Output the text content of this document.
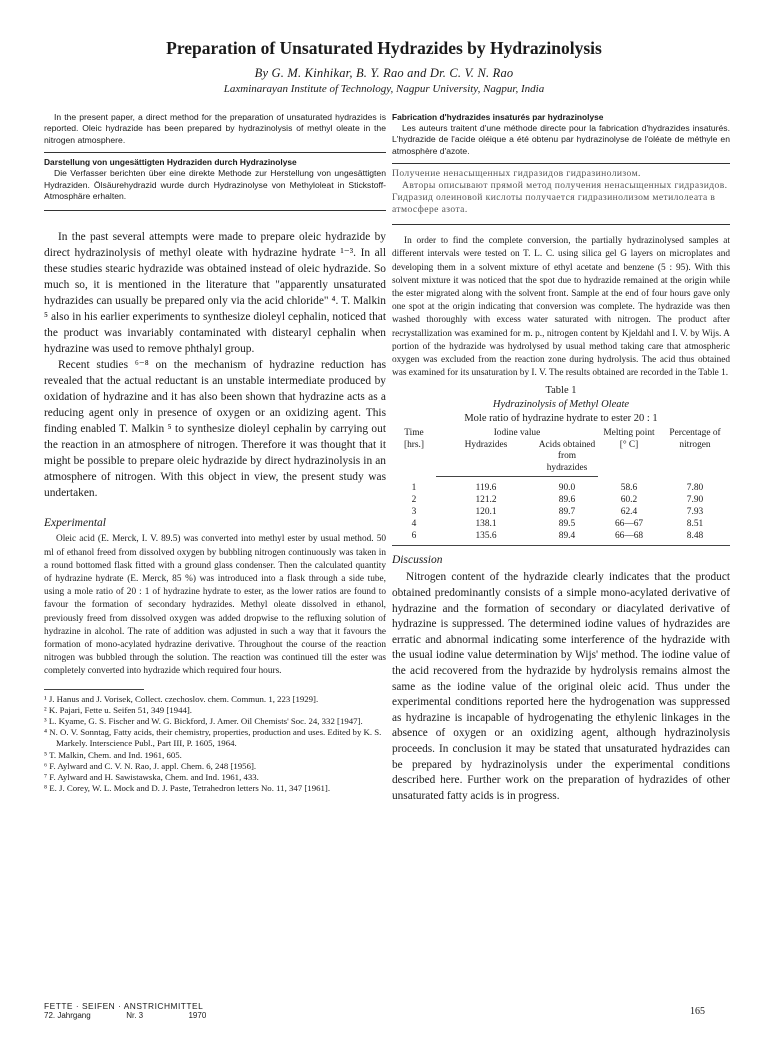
Preparation of Unsaturated Hydrazides by Hydrazinolysis
By G. M. Kinhikar, B. Y. Rao and Dr. C. V. N. Rao
Laxminarayan Institute of Technology, Nagpur University, Nagpur, India

In the present paper, a direct method for the preparation of unsaturated hydrazides is reported. Oleic hydrazide has been prepared by hydrazinolysis of methyl oleate in the nitrogen atmosphere.

Darstellung von ungesättigten Hydraziden durch Hydrazinolyse

Die Verfasser berichten über eine direkte Methode zur Herstellung von ungesättigten Hydraziden. Ölsäurehydrazid wurde durch Hydrazinolyse von Methyloleat in Stickstoff-Atmosphäre erhalten.

In the past several attempts were made to prepare oleic hydrazide by direct hydrazinolysis of methyl oleate with hydrazine hydrate ¹⁻³. In all these studies stearic hydrazide was obtained instead of oleic hydrazide. So much so, it is mentioned in the literature that "apparently unsaturated hydrazides can usually be prepared only via the acid chloride" ⁴. T. Malkin ⁵ also in his earlier experiments to synthesize dioleyl cephalin, noticed that the product was invariably contaminated with distearyl cephalin when hydrazine was used to remove phthalyl group.

Recent studies ⁶⁻⁸ on the mechanism of hydrazine reduction has revealed that the actual reductant is an unstable intermediate produced by oxidation of hydrazine and it has also been shown that hydrazine acts as a reducing agent only in presence of oxygen or an oxidizing agent. This finding enabled T. Malkin ⁵ to synthesize dioleyl cephalin by carrying out the reaction in an atmosphere of nitrogen. Therefore it was thought that it might be possible to prepare oleic hydrazide by direct hydrazinolysis in an atmosphere of nitrogen. With this object in view, the present study was undertaken.

Experimental

Oleic acid (E. Merck, I. V. 89.5) was converted into methyl ester by usual method. 50 ml of ethanol freed from dissolved oxygen by bubbling nitrogen continuously was taken in a round bottomed flask fitted with a ground glass condenser. Then the calculated quantity of hydrazine hydrate (E. Merck, 85 %) was introduced into a flask through a side tube, using a mole ratio of 20 : 1 of hydrazine hydrate to ester, as the lower ratios are found to favour the formation of secondary hydrazides. Methyl oleate dissolved in ethanol, previously freed from dissolved oxygen was added dropwise to the refluxing solution of hydrazine in alcohol. The rate of addition was adjusted in such a way that it favours the formation of mono-acylated hydrazine derivative. Throughout the course of the reaction nitrogen was bubbled through the solution. The reaction was continued till the ester was completely converted into hydrazide which required four hours.

¹ J. Hanus and J. Vorisek, Collect. czechoslov. chem. Commun. 1, 223 [1929].
² K. Pajari, Fette u. Seifen 51, 349 [1944].
³ L. Kyame, G. S. Fischer and W. G. Bickford, J. Amer. Oil Chemists' Soc. 24, 332 [1947].
⁴ N. O. V. Sonntag, Fatty acids, their chemistry, properties, production and uses. Edited by K. S. Markely. Interscience Publ., Part III, P. 1605, 1964.
⁵ T. Malkin, Chem. and Ind. 1961, 605.
⁶ F. Aylward and C. V. N. Rao, J. appl. Chem. 6, 248 [1956].
⁷ F. Aylward and H. Sawistawska, Chem. and Ind. 1961, 433.
⁸ E. J. Corey, W. L. Mock and D. J. Paste, Tetrahedron letters No. 11, 347 [1961].
Fabrication d'hydrazides insaturés par hydrazinolyse

Les auteurs traitent d'une méthode directe pour la fabrication d'hydrazides insaturés. L'hydrazide de l'acide oléique a été obtenu par hydrazinolyse de l'oléate de méthyle en atmosphère d'azote.

Получение ненасыщенных гидразидов гидразинолизом.
Авторы описывают прямой метод получения ненасыщенных гидразидов. Гидразид олеиновой кислоты получается гидразинолизом метилолеата в атмосфере азота.

In order to find the complete conversion, the partially hydrazinolysed samples at different intervals were tested on T. L. C. using silica gel G layers on microplates and developing them in a solvent mixture of ethyl acetate and benzene (5 : 95). With this solvent mixture it was noticed that the spot due to hydrazide remained at the origin while the ester migrated along with the solvent front. Sample at the end of four hours gave only one spot at the origin indicating that conversion was complete. The hydrazide was then washed thoroughly with excess water saturated with nitrogen. The product after recrystallization was examined for m. p., nitrogen content by Kjeldahl and I. V. by Wijs. A portion of the hydrazide was hydrolysed by usual method taking care that atmospheric oxygen was excluded from the reaction zone during hydrolysis. The acid thus obtained was examined for its unsaturation by I. V. The results obtained are recorded in the Table 1.

Table 1
Hydrazinolysis of Methyl Oleate
Mole ratio of hydrazine hydrate to ester 20 : 1
Time [hrs.]	Iodine value		Melting point [° C]	Percentage of nitrogen
	Hydrazides	Acids obtained from hydrazides		
1	119.6	90.0	58.6	7.80
2	121.2	89.6	60.2	7.90
3	120.1	89.7	62.4	7.93
4	138.1	89.5	66—67	8.51
6	135.6	89.4	66—68	8.48
Discussion

Nitrogen content of the hydrazide clearly indicates that the product obtained predominantly consists of a simple mono-acylated derivative of hydrazine and the formation of secondary or diacylated derivative of hydrazine is suppressed. The determined iodine values of hydrazides are erratic and abnormal indicating some interference of the hydrazide with the usual iodine value determination by Wijs' method. The iodine value of the acid recovered from the hydrazide by hydrolysis remains almost the same as the iodine value of the original oleic acid. Thus under the experimental conditions reported here the hydrogenation was suppressed as hydrazine is incapable of hydrogenating the ethylenic linkages in the absence of oxygen or an oxidizing agent, although hydrazinolysis proceeds. In conclusion it may be stated that unsaturated hydrazides can be prepared by hydrazinolysis under the experimental conditions described here. Further work on the preparation of hydrazides of other unsaturated fatty acids is in progress.

FETTE · SEIFEN · ANSTRICHMITTEL
72. Jahrgang	Nr. 3	1970	165
